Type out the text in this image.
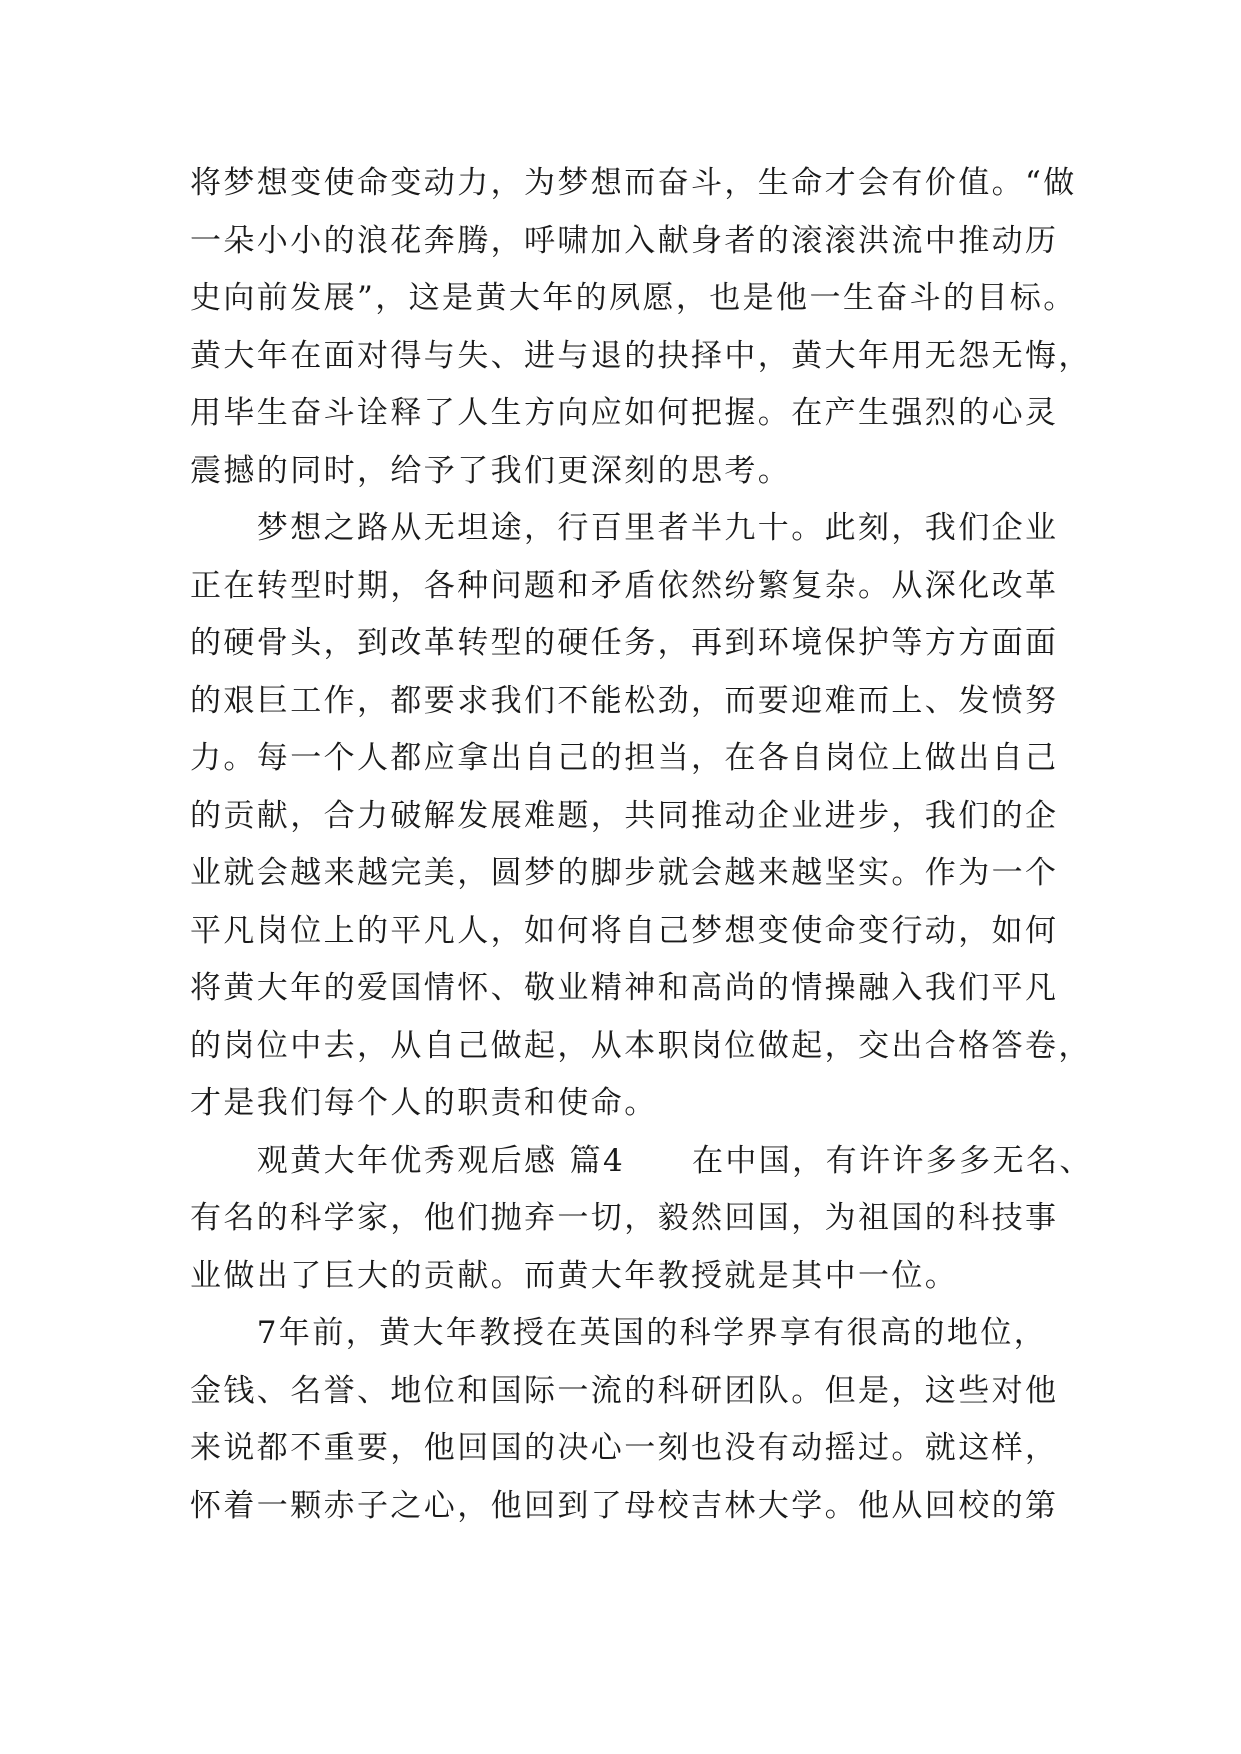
将梦想变使命变动力，为梦想而奋斗，生命才会有价值。“做
一朵小小的浪花奔腾，呼啸加入献身者的滚滚洪流中推动历
史向前发展”，这是黄大年的夙愿，也是他一生奋斗的目标。
黄大年在面对得与失、进与退的抉择中，黄大年用无怨无悔，
用毕生奋斗诠释了人生方向应如何把握。在产生强烈的心灵
震撼的同时，给予了我们更深刻的思考。
　　梦想之路从无坦途，行百里者半九十。此刻，我们企业
正在转型时期，各种问题和矛盾依然纷繁复杂。从深化改革
的硬骨头，到改革转型的硬任务，再到环境保护等方方面面
的艰巨工作，都要求我们不能松劲，而要迎难而上、发愤努
力。每一个人都应拿出自己的担当，在各自岗位上做出自己
的贡献，合力破解发展难题，共同推动企业进步，我们的企
业就会越来越完美，圆梦的脚步就会越来越坚实。作为一个
平凡岗位上的平凡人，如何将自己梦想变使命变行动，如何
将黄大年的爱国情怀、敬业精神和高尚的情操融入我们平凡
的岗位中去，从自己做起，从本职岗位做起，交出合格答卷，
才是我们每个人的职责和使命。
　　观黄大年优秀观后感 篇4　　在中国，有许许多多无名、
有名的科学家，他们抛弃一切，毅然回国，为祖国的科技事
业做出了巨大的贡献。而黄大年教授就是其中一位。
　　7年前，黄大年教授在英国的科学界享有很高的地位，
金钱、名誉、地位和国际一流的科研团队。但是，这些对他
来说都不重要，他回国的决心一刻也没有动摇过。就这样，
怀着一颗赤子之心，他回到了母校吉林大学。他从回校的第
